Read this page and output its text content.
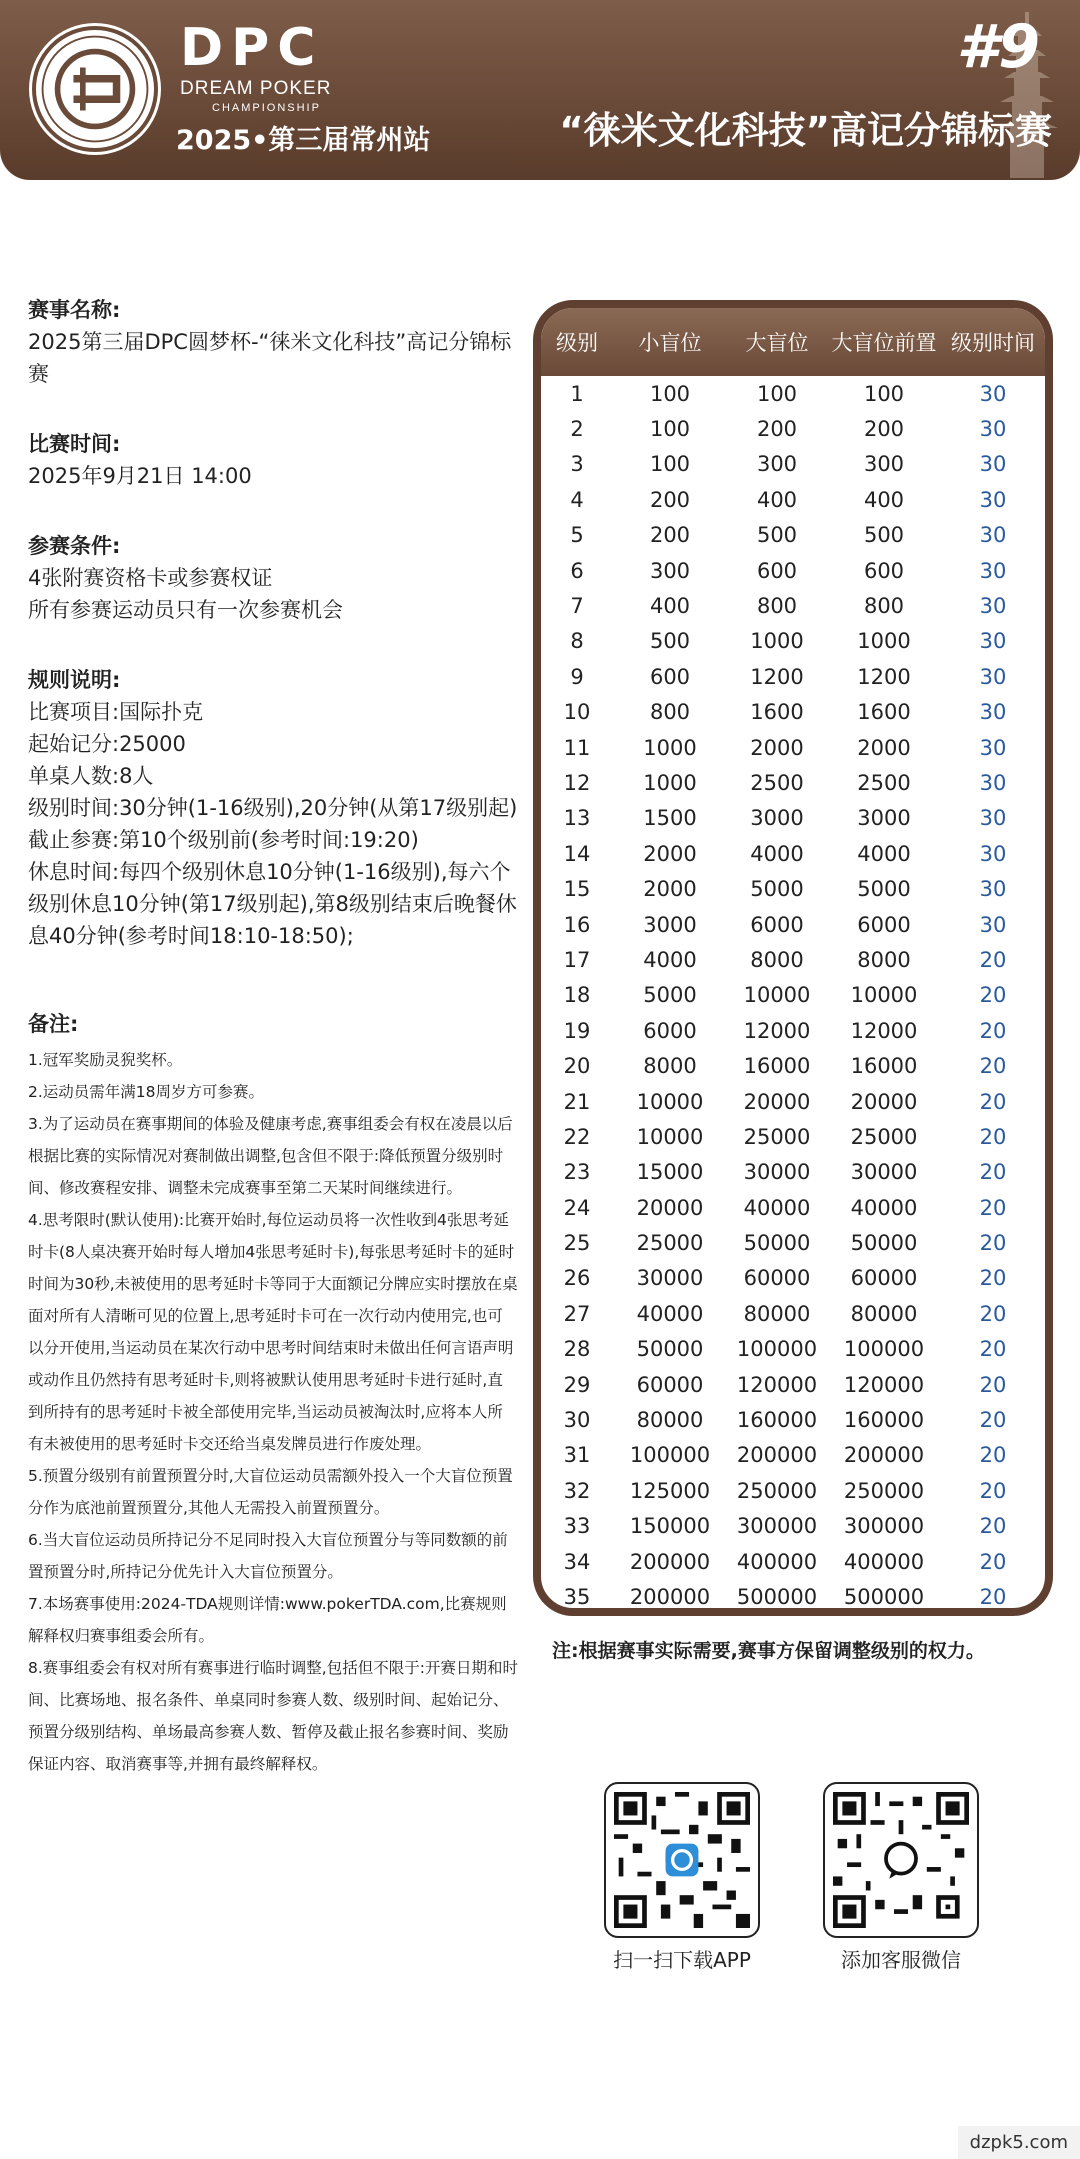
DPC
DREAM POKER
CHAMPIONSHIP
2025•第三届常州站
#9
“徕米文化科技”高记分锦标赛
赛事名称:
2025第三届DPC圆梦杯-“徕米文化科技”高记分锦标赛
比赛时间:
2025年9月21日 14:00
参赛条件:
4张附赛资格卡或参赛权证
所有参赛运动员只有一次参赛机会
规则说明:
比赛项目:国际扑克
起始记分:25000
单桌人数:8人
级别时间:30分钟(1-16级别),20分钟(从第17级别起)
截止参赛:第10个级别前(参考时间:19:20)
休息时间:每四个级别休息10分钟(1-16级别),每六个级别休息10分钟(第17级别起),第8级别结束后晚餐休息40分钟(参考时间18:10-18:50);
备注:

1.冠军奖励灵猊奖杯。

2.运动员需年满18周岁方可参赛。

3.为了运动员在赛事期间的体验及健康考虑,赛事组委会有权在凌晨以后根据比赛的实际情况对赛制做出调整,包含但不限于:降低预置分级别时间、修改赛程安排、调整未完成赛事至第二天某时间继续进行。

4.思考限时(默认使用):比赛开始时,每位运动员将一次性收到4张思考延时卡(8人桌决赛开始时每人增加4张思考延时卡),每张思考延时卡的延时时间为30秒,未被使用的思考延时卡等同于大面额记分牌应实时摆放在桌面对所有人清晰可见的位置上,思考延时卡可在一次行动内使用完,也可以分开使用,当运动员在某次行动中思考时间结束时未做出任何言语声明或动作且仍然持有思考延时卡,则将被默认使用思考延时卡进行延时,直到所持有的思考延时卡被全部使用完毕,当运动员被淘汰时,应将本人所有未被使用的思考延时卡交还给当桌发牌员进行作废处理。

5.预置分级别有前置预置分时,大盲位运动员需额外投入一个大盲位预置分作为底池前置预置分,其他人无需投入前置预置分。

6.当大盲位运动员所持记分不足同时投入大盲位预置分与等同数额的前置预置分时,所持记分优先计入大盲位预置分。

7.本场赛事使用:2024-TDA规则详情:www.pokerTDA.com,比赛规则解释权归赛事组委会所有。

8.赛事组委会有权对所有赛事进行临时调整,包括但不限于:开赛日期和时间、比赛场地、报名条件、单桌同时参赛人数、级别时间、起始记分、预置分级别结构、单场最高参赛人数、暂停及截止报名参赛时间、奖励保证内容、取消赛事等,并拥有最终解释权。

级别	小盲位	大盲位	大盲位前置 级别时间
1	100	100	100	30
2	100	200	200	30
3	100	300	300	30
4	200	400	400	30
5	200	500	500	30
6	300	600	600	30
7	400	800	800	30
8	500	1000	1000	30
9	600	1200	1200	30
10	800	1600	1600	30
11	1000	2000	2000	30
12	1000	2500	2500	30
13	1500	3000	3000	30
14	2000	4000	4000	30
15	2000	5000	5000	30
16	3000	6000	6000	30
17	4000	8000	8000	20
18	5000	10000	10000	20
19	6000	12000	12000	20
20	8000	16000	16000	20
21	10000	20000	20000	20
22	10000	25000	25000	20
23	15000	30000	30000	20
24	20000	40000	40000	20
25	25000	50000	50000	20
26	30000	60000	60000	20
27	40000	80000	80000	20
28	50000	100000	100000	20
29	60000	120000	120000	20
30	80000	160000	160000	20
31	100000	200000	200000	20
32	125000	250000	250000	20
33	150000	300000	300000	20
34	200000	400000	400000	20
35	200000	500000	500000	20
注:根据赛事实际需要,赛事方保留调整级别的权力。
扫一扫下载APP	添加客服微信
dzpk5.com
